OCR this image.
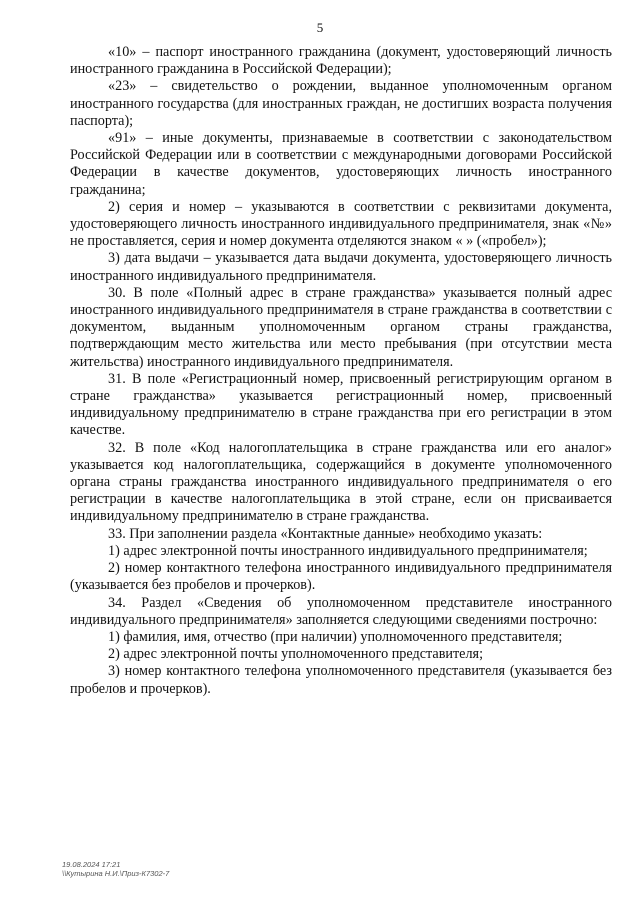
5

«10» – паспорт иностранного гражданина (документ, удостоверяющий личность иностранного гражданина в Российской Федерации);

«23» – свидетельство о рождении, выданное уполномоченным органом иностранного государства (для иностранных граждан, не достигших возраста получения паспорта);

«91» – иные документы, признаваемые в соответствии с законодательством Российской Федерации или в соответствии с международными договорами Российской Федерации в качестве документов, удостоверяющих личность иностранного гражданина;

2) серия и номер – указываются в соответствии с реквизитами документа, удостоверяющего личность иностранного индивидуального предпринимателя, знак «№» не проставляется, серия и номер документа отделяются знаком « » («пробел»);

3) дата выдачи – указывается дата выдачи документа, удостоверяющего личность иностранного индивидуального предпринимателя.

30. В поле «Полный адрес в стране гражданства» указывается полный адрес иностранного индивидуального предпринимателя в стране гражданства в соответствии с документом, выданным уполномоченным органом страны гражданства, подтверждающим место жительства или место пребывания (при отсутствии места жительства) иностранного индивидуального предпринимателя.

31. В поле «Регистрационный номер, присвоенный регистрирующим органом в стране гражданства» указывается регистрационный номер, присвоенный индивидуальному предпринимателю в стране гражданства при его регистрации в этом качестве.

32. В поле «Код налогоплательщика в стране гражданства или его аналог» указывается код налогоплательщика, содержащийся в документе уполномоченного органа страны гражданства иностранного индивидуального предпринимателя о его регистрации в качестве налогоплательщика в этой стране, если он присваивается индивидуальному предпринимателю в стране гражданства.

33. При заполнении раздела «Контактные данные» необходимо указать:

1) адрес электронной почты иностранного индивидуального предпринимателя;

2) номер контактного телефона иностранного индивидуального предпринимателя (указывается без пробелов и прочерков).

34. Раздел «Сведения об уполномоченном представителе иностранного индивидуального предпринимателя» заполняется следующими сведениями построчно:

1) фамилия, имя, отчество (при наличии) уполномоченного представителя;

2) адрес электронной почты уполномоченного представителя;

3) номер контактного телефона уполномоченного представителя (указывается без пробелов и прочерков).

19.08.2024 17:21
\\Кутырина Н.И.\Приз-К7302-7
